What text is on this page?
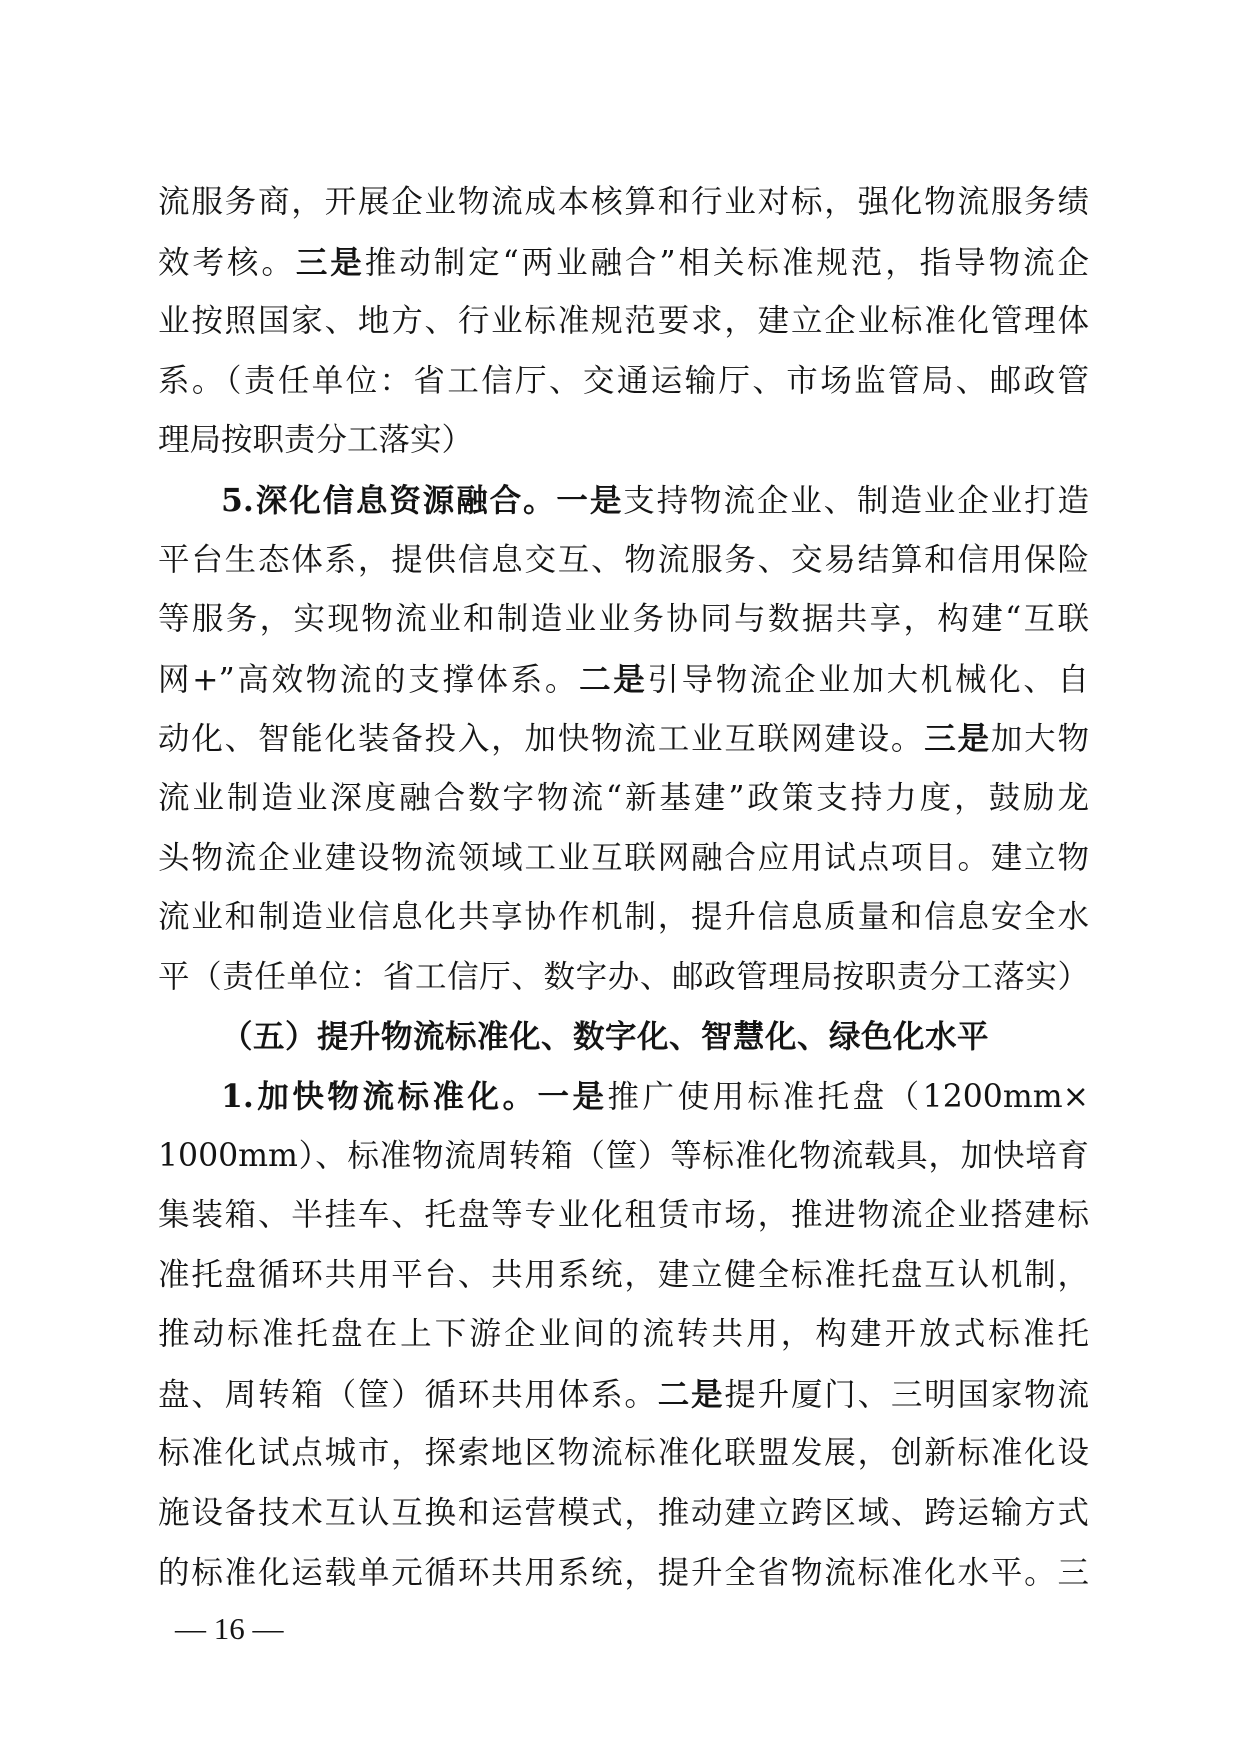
流服务商，开展企业物流成本核算和行业对标，强化物流服务绩
效考核。三是推动制定“两业融合”相关标准规范，指导物流企
业按照国家、地方、行业标准规范要求，建立企业标准化管理体
系。（责任单位：省工信厅、交通运输厅、市场监管局、邮政管
理局按职责分工落实）
5.深化信息资源融合。一是支持物流企业、制造业企业打造
平台生态体系，提供信息交互、物流服务、交易结算和信用保险
等服务，实现物流业和制造业业务协同与数据共享，构建“互联
网+”高效物流的支撑体系。二是引导物流企业加大机械化、自
动化、智能化装备投入，加快物流工业互联网建设。三是加大物
流业制造业深度融合数字物流“新基建”政策支持力度，鼓励龙
头物流企业建设物流领域工业互联网融合应用试点项目。建立物
流业和制造业信息化共享协作机制，提升信息质量和信息安全水
平（责任单位：省工信厅、数字办、邮政管理局按职责分工落实）
（五）提升物流标准化、数字化、智慧化、绿色化水平
1.加快物流标准化。一是推广使用标准托盘（1200mm×
1000mm）、标准物流周转箱（筐）等标准化物流载具，加快培育
集装箱、半挂车、托盘等专业化租赁市场，推进物流企业搭建标
准托盘循环共用平台、共用系统，建立健全标准托盘互认机制，
推动标准托盘在上下游企业间的流转共用，构建开放式标准托
盘、周转箱（筐）循环共用体系。二是提升厦门、三明国家物流
标准化试点城市，探索地区物流标准化联盟发展，创新标准化设
施设备技术互认互换和运营模式，推动建立跨区域、跨运输方式
的标准化运载单元循环共用系统，提升全省物流标准化水平。三
— 16 —
